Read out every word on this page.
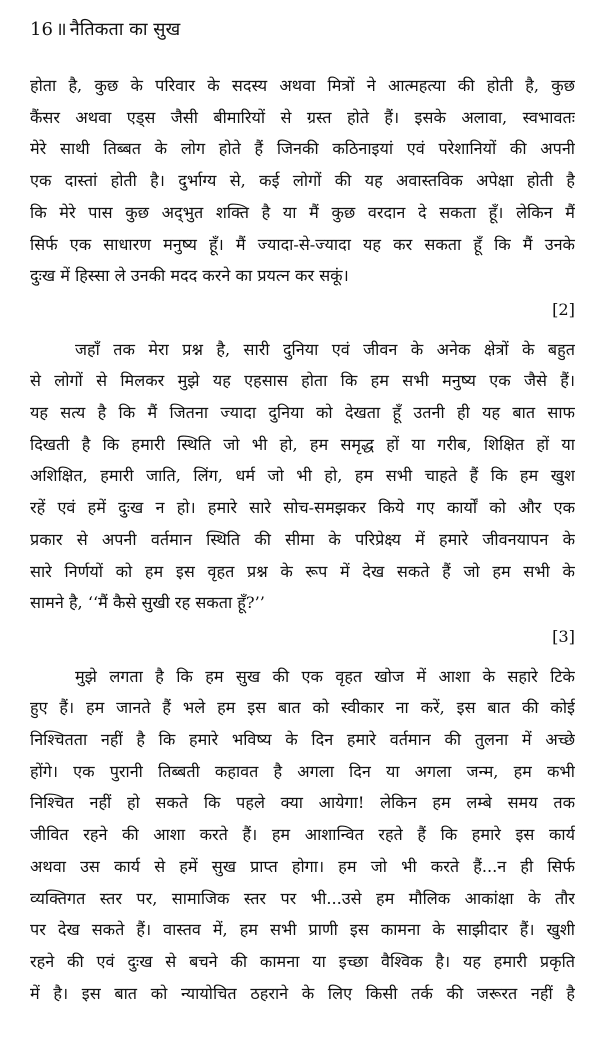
16 ॥ नैतिकता का सुख
होता है, कुछ के परिवार के सदस्य अथवा मित्रों ने आत्महत्या की होती है, कुछ
कैंसर अथवा एड्स जैसी बीमारियों से ग्रस्त होते हैं। इसके अलावा, स्वभावतः
मेरे साथी तिब्बत के लोग होते हैं जिनकी कठिनाइयां एवं परेशानियों की अपनी
एक दास्तां होती है। दुर्भाग्य से, कई लोगों की यह अवास्तविक अपेक्षा होती है
कि मेरे पास कुछ अद्‌भुत शक्ति है या मैं कुछ वरदान दे सकता हूँ। लेकिन मैं
सिर्फ एक साधारण मनुष्य हूँ। मैं ज्यादा-से-ज्यादा यह कर सकता हूँ कि मैं उनके
दुःख में हिस्सा ले उनकी मदद करने का प्रयत्न कर सकूं।
[2]
जहाँ तक मेरा प्रश्न है, सारी दुनिया एवं जीवन के अनेक क्षेत्रों के बहुत
से लोगों से मिलकर मुझे यह एहसास होता कि हम सभी मनुष्य एक जैसे हैं।
यह सत्य है कि मैं जितना ज्यादा दुनिया को देखता हूँ उतनी ही यह बात साफ
दिखती है कि हमारी स्थिति जो भी हो, हम समृद्ध हों या गरीब, शिक्षित हों या
अशिक्षित, हमारी जाति, लिंग, धर्म जो भी हो, हम सभी चाहते हैं कि हम खुश
रहें एवं हमें दुःख न हो। हमारे सारे सोच-समझकर किये गए कार्यों को और एक
प्रकार से अपनी वर्तमान स्थिति की सीमा के परिप्रेक्ष्य में हमारे जीवनयापन के
सारे निर्णयों को हम इस वृहत प्रश्न के रूप में देख सकते हैं जो हम सभी के
सामने है, ‘‘मैं कैसे सुखी रह सकता हूँ?’’
[3]
मुझे लगता है कि हम सुख की एक वृहत खोज में आशा के सहारे टिके
हुए हैं। हम जानते हैं भले हम इस बात को स्वीकार ना करें, इस बात की कोई
निश्चितता नहीं है कि हमारे भविष्य के दिन हमारे वर्तमान की तुलना में अच्छे
होंगे। एक पुरानी तिब्बती कहावत है अगला दिन या अगला जन्म, हम कभी
निश्चित नहीं हो सकते कि पहले क्या आयेगा! लेकिन हम लम्बे समय तक
जीवित रहने की आशा करते हैं। हम आशान्वित रहते हैं कि हमारे इस कार्य
अथवा उस कार्य से हमें सुख प्राप्त होगा। हम जो भी करते हैं...न ही सिर्फ
व्यक्तिगत स्तर पर, सामाजिक स्तर पर भी...उसे हम मौलिक आकांक्षा के तौर
पर देख सकते हैं। वास्तव में, हम सभी प्राणी इस कामना के साझीदार हैं। खुशी
रहने की एवं दुःख से बचने की कामना या इच्छा वैश्विक है। यह हमारी प्रकृति
में है। इस बात को न्यायोचित ठहराने के लिए किसी तर्क की जरूरत नहीं है
